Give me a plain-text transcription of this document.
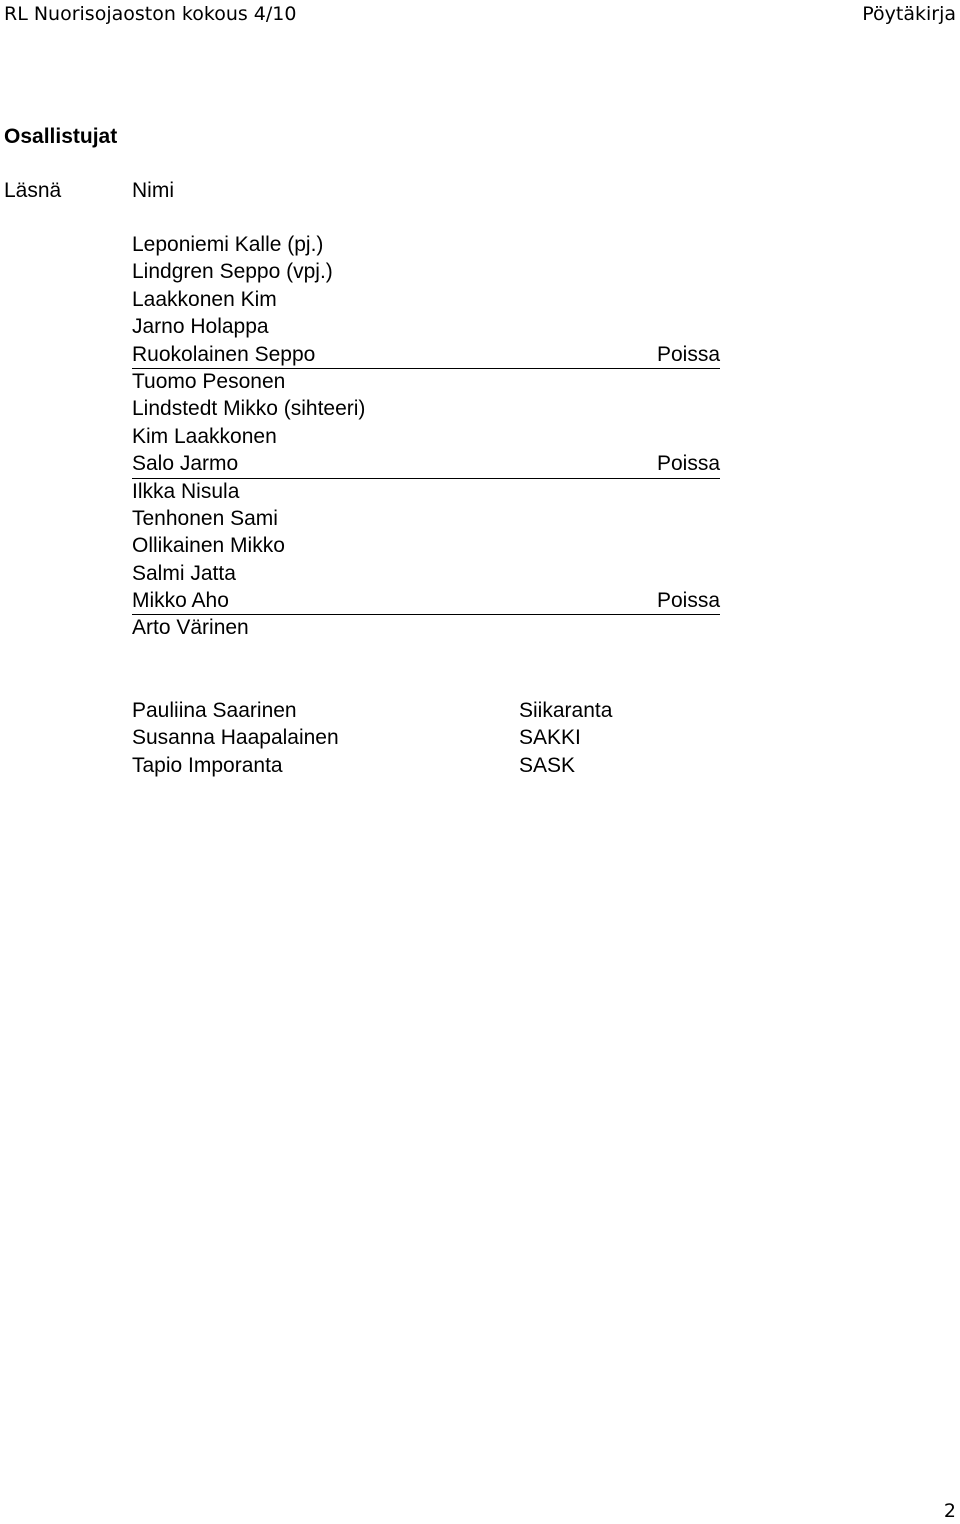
RL Nuorisojaoston kokous 4/10	Pöytäkirja
Osallistujat
Läsnä	Nimi
Leponiemi Kalle (pj.)
Lindgren Seppo (vpj.)
Laakkonen Kim
Jarno Holappa
Ruokolainen Seppo	Poissa
Tuomo Pesonen
Lindstedt Mikko (sihteeri)
Kim Laakkonen
Salo Jarmo	Poissa
Ilkka Nisula
Tenhonen Sami
Ollikainen Mikko
Salmi Jatta
Mikko Aho	Poissa
Arto Värinen
Pauliina Saarinen	Siikaranta
Susanna Haapalainen	SAKKI
Tapio Imporanta	SASK
2
